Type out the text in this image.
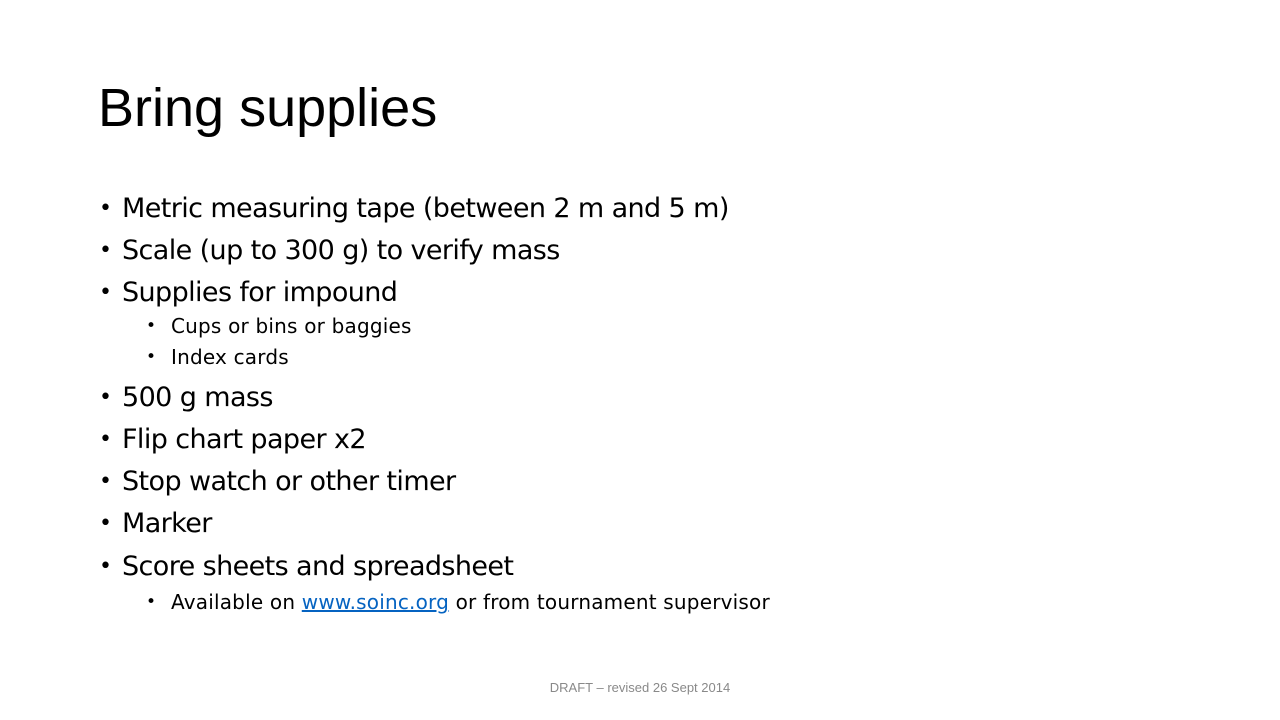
Bring supplies
• Metric measuring tape (between 2 m and 5 m)
• Scale (up to 300 g) to verify mass
• Supplies for impound
• Cups or bins or baggies
• Index cards
• 500 g mass
• Flip chart paper x2
• Stop watch or other timer
• Marker
• Score sheets and spreadsheet
• Available on www.soinc.org or from tournament supervisor
DRAFT – revised 26 Sept 2014
